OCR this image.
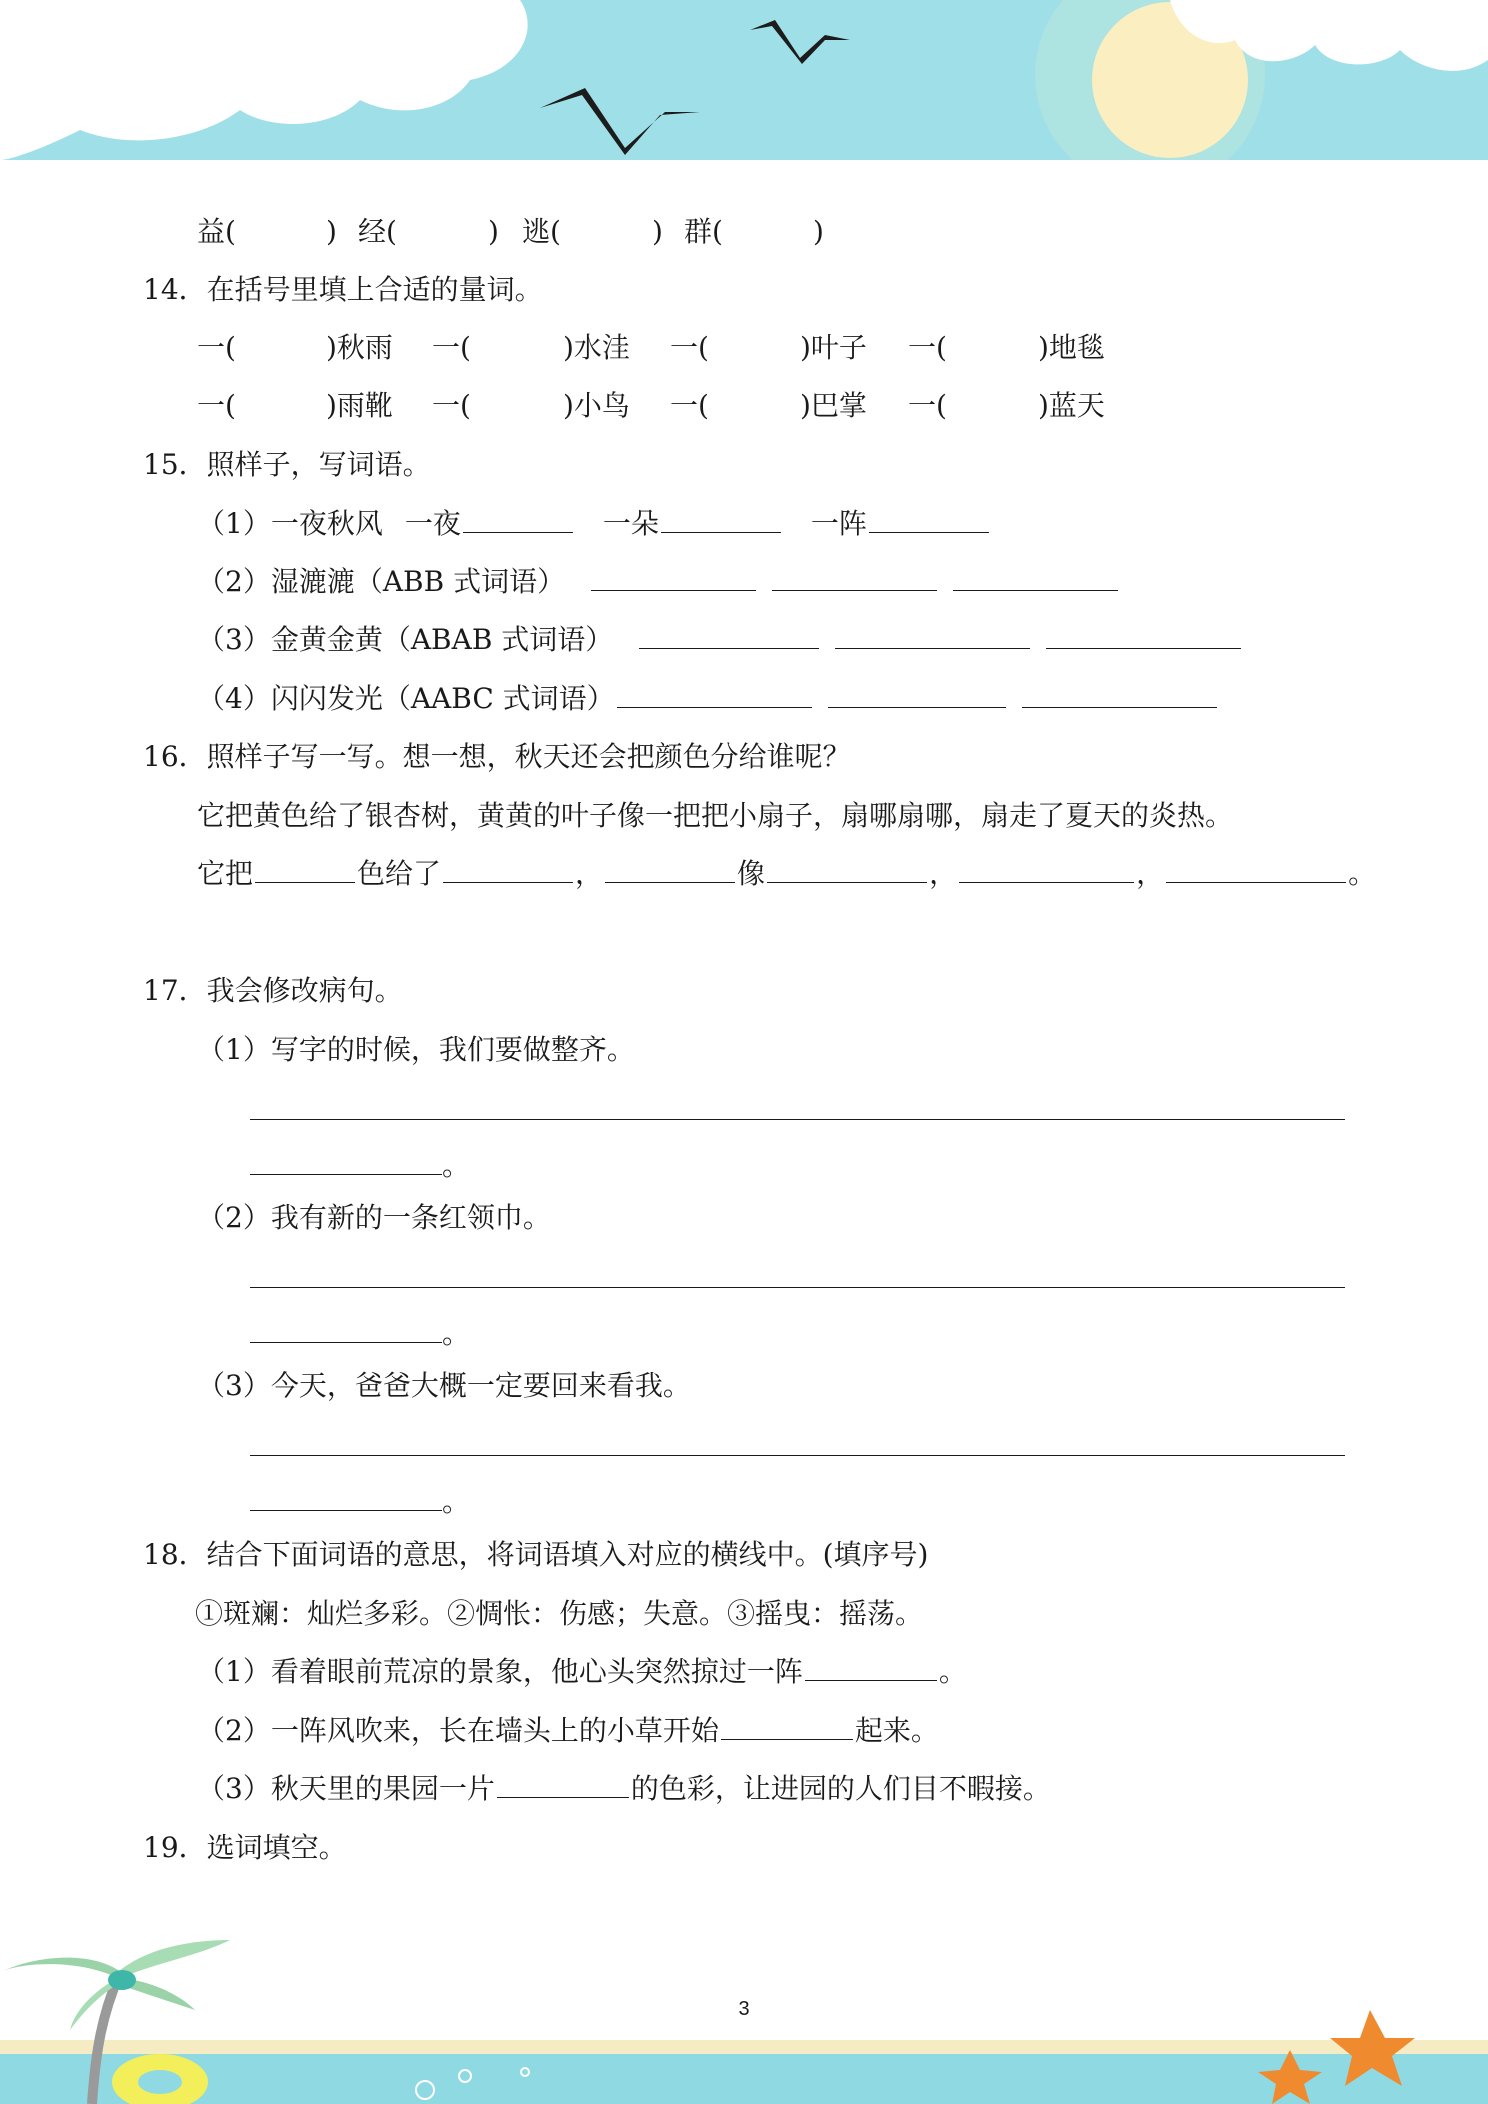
益(	) 经(	) 逃(	) 群(	)
14．在括号里填上合适的量词。
一(	)秋雨 一(	)水洼 一(	)叶子 一(	)地毯
一(	)雨靴 一(	)小鸟 一(	)巴掌 一(	)蓝天
15．照样子，写词语。
（1）一夜秋风 一夜	一朵	一阵
（2）湿漉漉（ABB 式词语）
（3）金黄金黄（ABAB 式词语）
（4）闪闪发光（AABC 式词语）
16．照样子写一写。想一想，秋天还会把颜色分给谁呢？
它把黄色给了银杏树，黄黄的叶子像一把把小扇子，扇哪扇哪，扇走了夏天的炎热。
它把	色给了	，	像	，	，	。
17．我会修改病句。
（1）写字的时候，我们要做整齐。
。
（2）我有新的一条红领巾。
。
（3）今天，爸爸大概一定要回来看我。
。
18．结合下面词语的意思，将词语填入对应的横线中。(填序号)
①斑斓：灿烂多彩。②惆怅：伤感；失意。③摇曳：摇荡。
（1）看着眼前荒凉的景象，他心头突然掠过一阵	。
（2）一阵风吹来，长在墙头上的小草开始	起来。
（3）秋天里的果园一片	的色彩，让进园的人们目不暇接。
19．选词填空。
3
